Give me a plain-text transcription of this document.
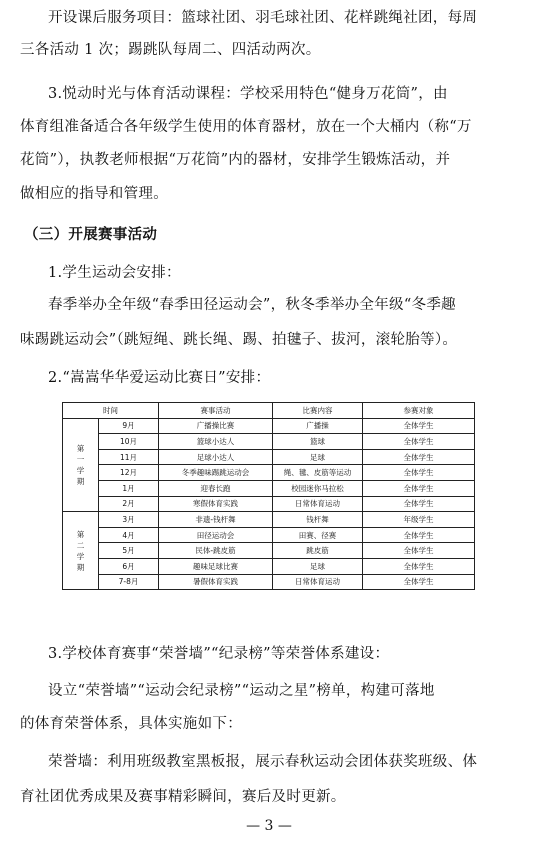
开设课后服务项目：篮球社团、羽毛球社团、花样跳绳社团，每周
三各活动 1 次；踢跳队每周二、四活动两次。
3.悦动时光与体育活动课程：学校采用特色“健身万花筒”，由
体育组准备适合各年级学生使用的体育器材，放在一个大桶内（称“万
花筒”），执教老师根据“万花筒”内的器材，安排学生锻炼活动，并
做相应的指导和管理。
（三）开展赛事活动
1.学生运动会安排：
春季举办全年级“春季田径运动会”，秋冬季举办全年级“冬季趣
味踢跳运动会”（跳短绳、跳长绳、踢、拍毽子、拔河，滚轮胎等）。
2.“嵩嵩华华爱运动比赛日”安排：
时间		赛事活动	比赛内容	参赛对象

第
一
学
期	9月	广播操比赛	广播操	全体学生
	10月	篮球小达人	篮球	全体学生
	11月	足球小达人	足球	全体学生
	12月	冬季趣味踢跳运动会	绳、毽、皮筋等运动	全体学生
	1月	迎春长跑	校园迷你马拉松	全体学生
	2月	寒假体育实践	日常体育运动	全体学生

第
二
学
期	3月	非遗-钱杆舞	钱杆舞	年级学生
	4月	田径运动会	田赛、径赛	全体学生
	5月	民体-跳皮筋	跳皮筋	全体学生
	6月	趣味足球比赛	足球	全体学生
	7-8月	暑假体育实践	日常体育运动	全体学生
3.学校体育赛事“荣誉墙”“纪录榜”等荣誉体系建设：
设立“荣誉墙”“运动会纪录榜”“运动之星”榜单，构建可落地
的体育荣誉体系，具体实施如下：
荣誉墙：利用班级教室黑板报，展示春秋运动会团体获奖班级、体
育社团优秀成果及赛事精彩瞬间，赛后及时更新。
— 3 —
